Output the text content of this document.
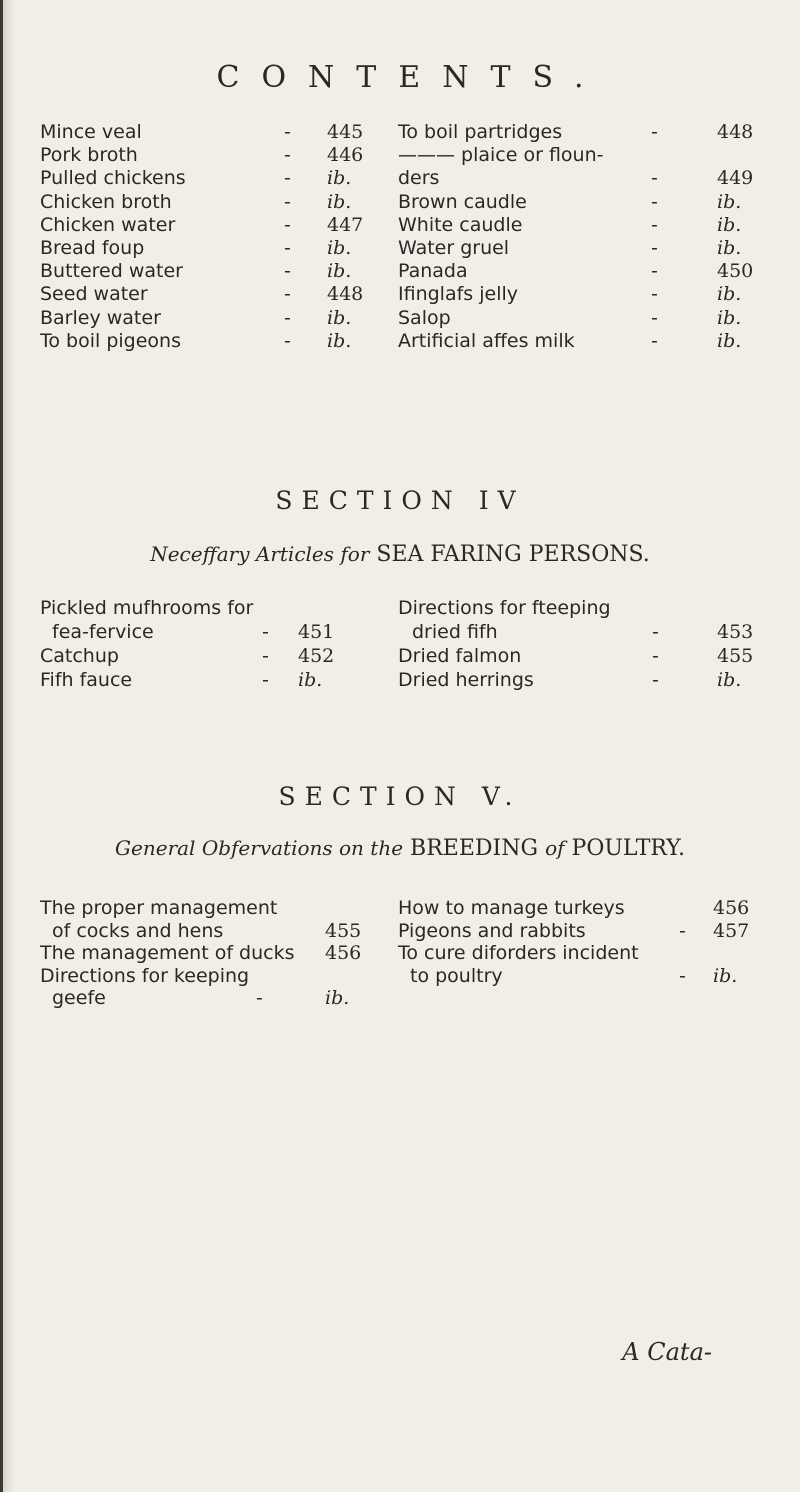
CONTENTS.
Mince veal	- 445
Pork broth	- 446
Pulled chickens	- ib.
Chicken broth	- ib.
Chicken water	- 447
Bread foup	- ib.
Buttered water	- ib.
Seed water	- 448
Barley water	- ib.
To boil pigeons	- ib.
To boil partridges	-	448
——— plaice or floun-
ders	-	449
Brown caudle	-	ib.
White caudle	-	ib.
Water gruel	-	ib.
Panada	-	450
Ifinglafs jelly	-	ib.
Salop	-	ib.
Artificial affes milk	-	ib.
SECTION IV
Neceffary Articles for SEA FARING PERSONS.
Pickled mufhrooms for
fea-fervice	- 451
Catchup	- 452
Fifh fauce	- ib.
Directions for fteeping
dried fifh	-	453
Dried falmon	-	455
Dried herrings	-	ib.
SECTION V.
General Obfervations on the BREEDING of POULTRY.
The proper management
of cocks and hens	455
The management of ducks 456
Directions for keeping
geefe	-	ib.
How to manage turkeys	456
Pigeons and rabbits	- 457
To cure diforders incident
to poultry	- ib.
A Cata-
